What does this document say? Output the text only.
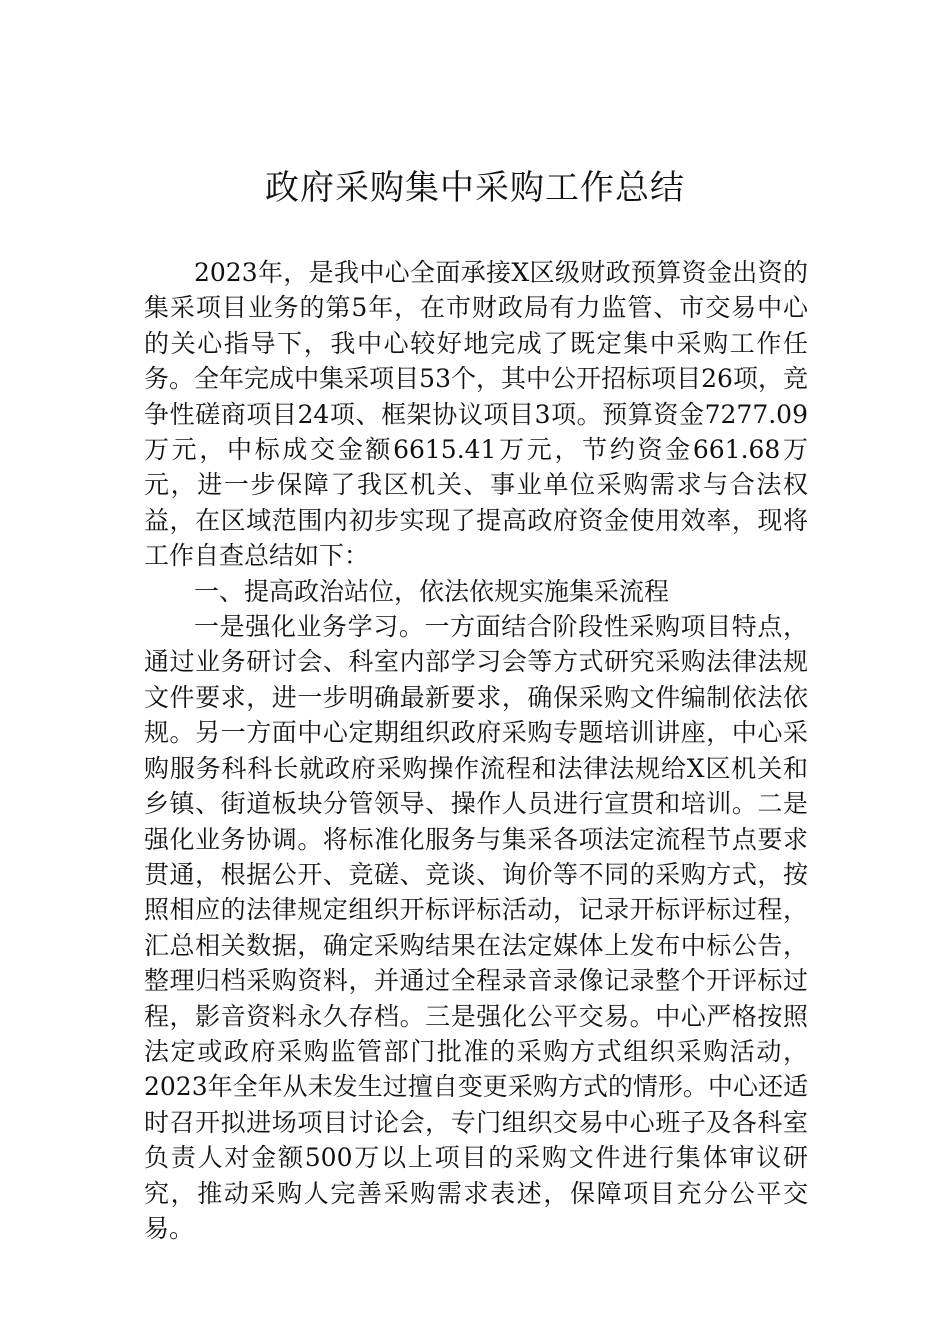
政府采购集中采购工作总结

2023年，是我中心全面承接X区级财政预算资金出资的集采项目业务的第5年，在市财政局有力监管、市交易中心的关心指导下，我中心较好地完成了既定集中采购工作任务。全年完成中集采项目53个，其中公开招标项目26项，竞争性磋商项目24项、框架协议项目3项。预算资金7277.09万元，中标成交金额6615.41万元，节约资金661.68万元，进一步保障了我区机关、事业单位采购需求与合法权益，在区域范围内初步实现了提高政府资金使用效率，现将工作自查总结如下：

一、提高政治站位，依法依规实施集采流程

一是强化业务学习。一方面结合阶段性采购项目特点，通过业务研讨会、科室内部学习会等方式研究采购法律法规文件要求，进一步明确最新要求，确保采购文件编制依法依规。另一方面中心定期组织政府采购专题培训讲座，中心采购服务科科长就政府采购操作流程和法律法规给X区机关和乡镇、街道板块分管领导、操作人员进行宣贯和培训。二是强化业务协调。将标准化服务与集采各项法定流程节点要求贯通，根据公开、竞磋、竞谈、询价等不同的采购方式，按照相应的法律规定组织开标评标活动，记录开标评标过程，汇总相关数据，确定采购结果在法定媒体上发布中标公告，整理归档采购资料，并通过全程录音录像记录整个开评标过程，影音资料永久存档。三是强化公平交易。中心严格按照法定或政府采购监管部门批准的采购方式组织采购活动，2023年全年从未发生过擅自变更采购方式的情形。中心还适时召开拟进场项目讨论会，专门组织交易中心班子及各科室负责人对金额500万以上项目的采购文件进行集体审议研究，推动采购人完善采购需求表述，保障项目充分公平交易。
